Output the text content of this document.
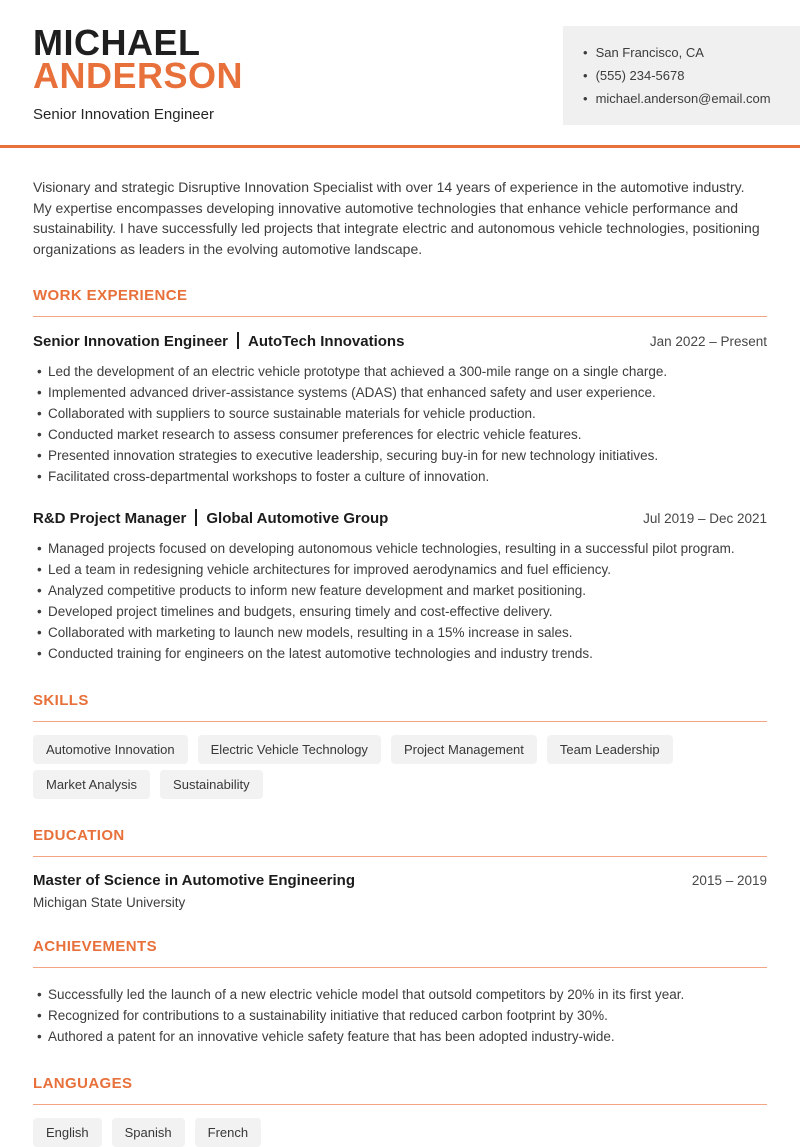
MICHAEL
ANDERSON
Senior Innovation Engineer
• San Francisco, CA
• (555) 234-5678
• michael.anderson@email.com

Visionary and strategic Disruptive Innovation Specialist with over 14 years of experience in the automotive industry. My expertise encompasses developing innovative automotive technologies that enhance vehicle performance and sustainability. I have successfully led projects that integrate electric and autonomous vehicle technologies, positioning organizations as leaders in the evolving automotive landscape.

WORK EXPERIENCE
Senior Innovation Engineer AutoTech Innovations	Jan 2022 – Present
• Led the development of an electric vehicle prototype that achieved a 300-mile range on a single charge.
• Implemented advanced driver-assistance systems (ADAS) that enhanced safety and user experience.
• Collaborated with suppliers to source sustainable materials for vehicle production.
• Conducted market research to assess consumer preferences for electric vehicle features.
• Presented innovation strategies to executive leadership, securing buy-in for new technology initiatives.
• Facilitated cross-departmental workshops to foster a culture of innovation.
R&D Project Manager Global Automotive Group	Jul 2019 – Dec 2021
• Managed projects focused on developing autonomous vehicle technologies, resulting in a successful pilot program.
• Led a team in redesigning vehicle architectures for improved aerodynamics and fuel efficiency.
• Analyzed competitive products to inform new feature development and market positioning.
• Developed project timelines and budgets, ensuring timely and cost-effective delivery.
• Collaborated with marketing to launch new models, resulting in a 15% increase in sales.
• Conducted training for engineers on the latest automotive technologies and industry trends.
SKILLS
Automotive Innovation	Electric Vehicle Technology	Project Management	Team Leadership
Market Analysis	Sustainability
EDUCATION
Master of Science in Automotive Engineering	2015 – 2019
Michigan State University
ACHIEVEMENTS
• Successfully led the launch of a new electric vehicle model that outsold competitors by 20% in its first year.
• Recognized for contributions to a sustainability initiative that reduced carbon footprint by 30%.
• Authored a patent for an innovative vehicle safety feature that has been adopted industry-wide.
LANGUAGES
English	Spanish	French
